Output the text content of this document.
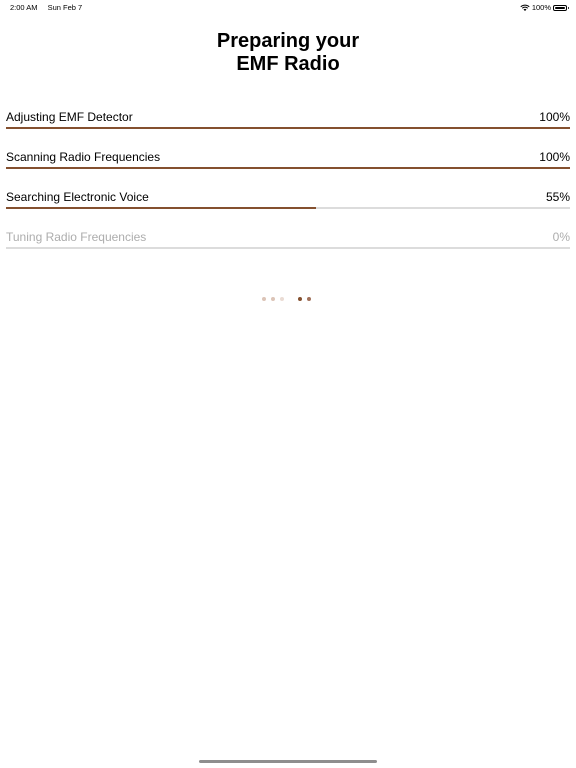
2:00 AM Sun Feb 7	100%
Preparing your
EMF Radio
Adjusting EMF Detector	100%
Scanning Radio Frequencies	100%
Searching Electronic Voice	55%
Tuning Radio Frequencies	0%
